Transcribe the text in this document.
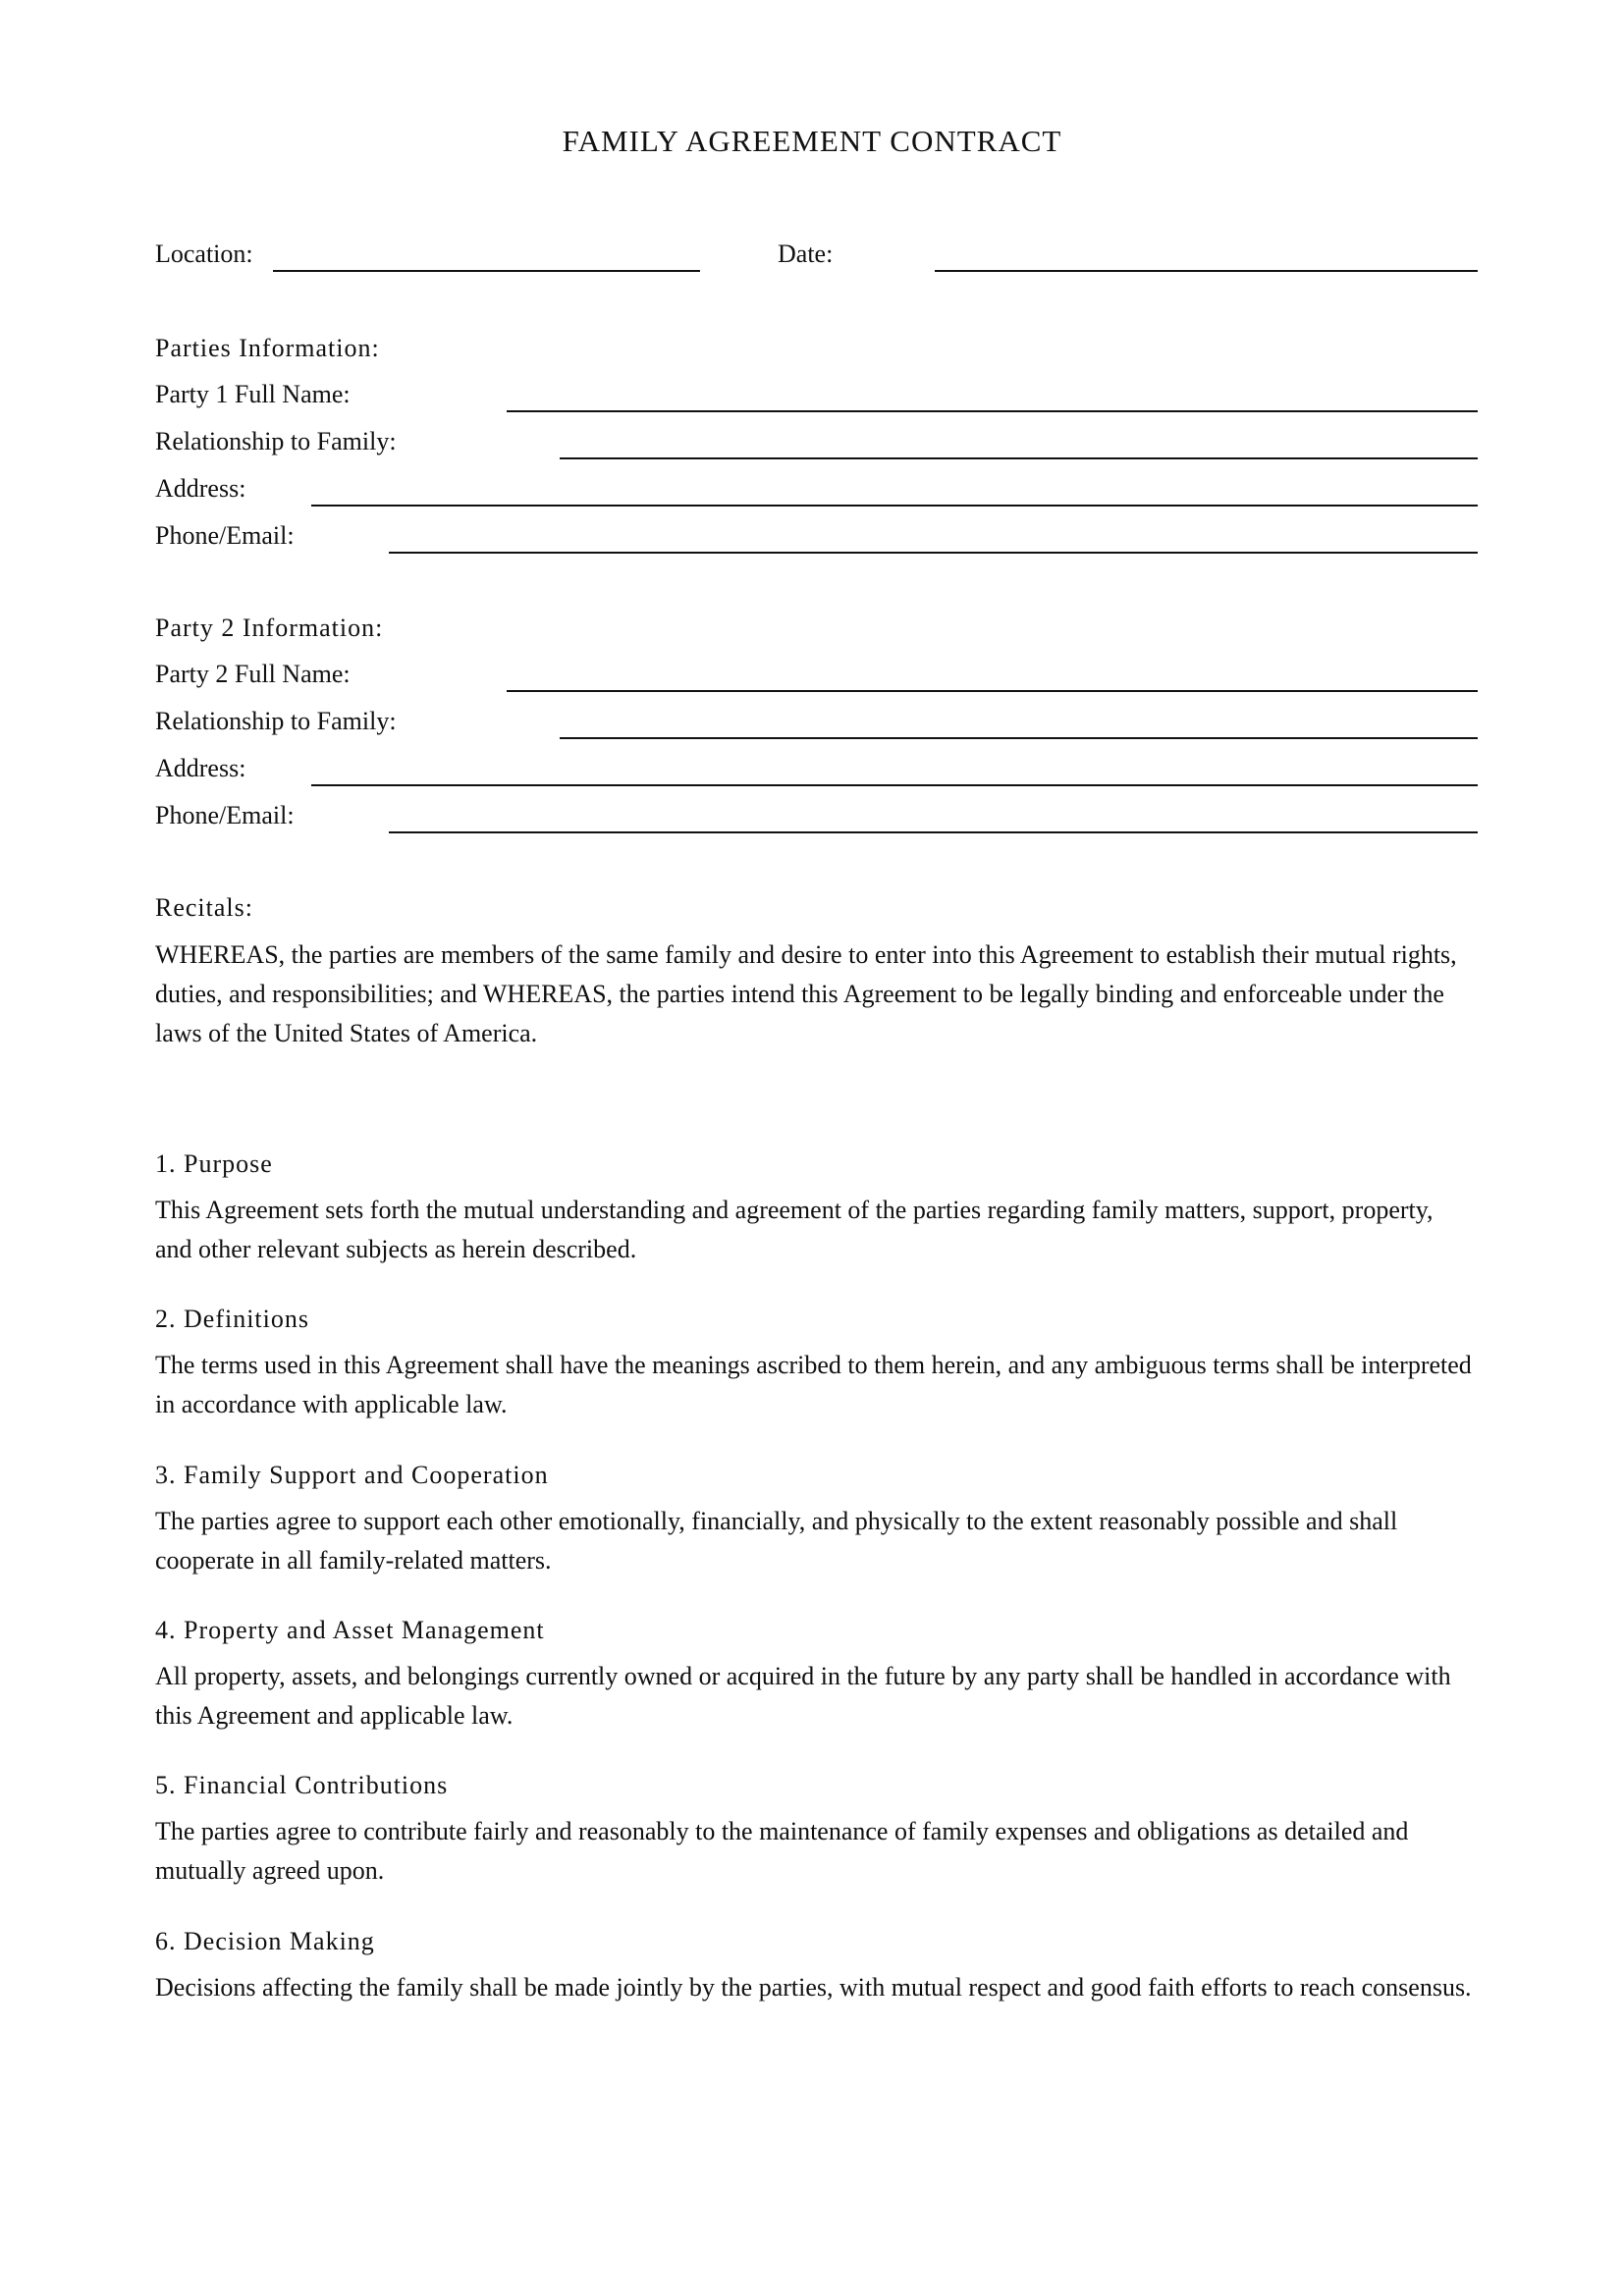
FAMILY AGREEMENT CONTRACT
Location:	Date:
Parties Information:
Party 1 Full Name:
Relationship to Family:
Address:
Phone/Email:
Party 2 Information:
Party 2 Full Name:
Relationship to Family:
Address:
Phone/Email:
Recitals:

WHEREAS, the parties are members of the same family and desire to enter into this Agreement to establish their mutual rights, duties, and responsibilities; and WHEREAS, the parties intend this Agreement to be legally binding and enforceable under the laws of the United States of America.

1. Purpose

This Agreement sets forth the mutual understanding and agreement of the parties regarding family matters, support, property, and other relevant subjects as herein described.

2. Definitions

The terms used in this Agreement shall have the meanings ascribed to them herein, and any ambiguous terms shall be interpreted in accordance with applicable law.

3. Family Support and Cooperation

The parties agree to support each other emotionally, financially, and physically to the extent reasonably possible and shall cooperate in all family-related matters.

4. Property and Asset Management

All property, assets, and belongings currently owned or acquired in the future by any party shall be handled in accordance with this Agreement and applicable law.

5. Financial Contributions

The parties agree to contribute fairly and reasonably to the maintenance of family expenses and obligations as detailed and mutually agreed upon.

6. Decision Making

Decisions affecting the family shall be made jointly by the parties, with mutual respect and good faith efforts to reach consensus.
